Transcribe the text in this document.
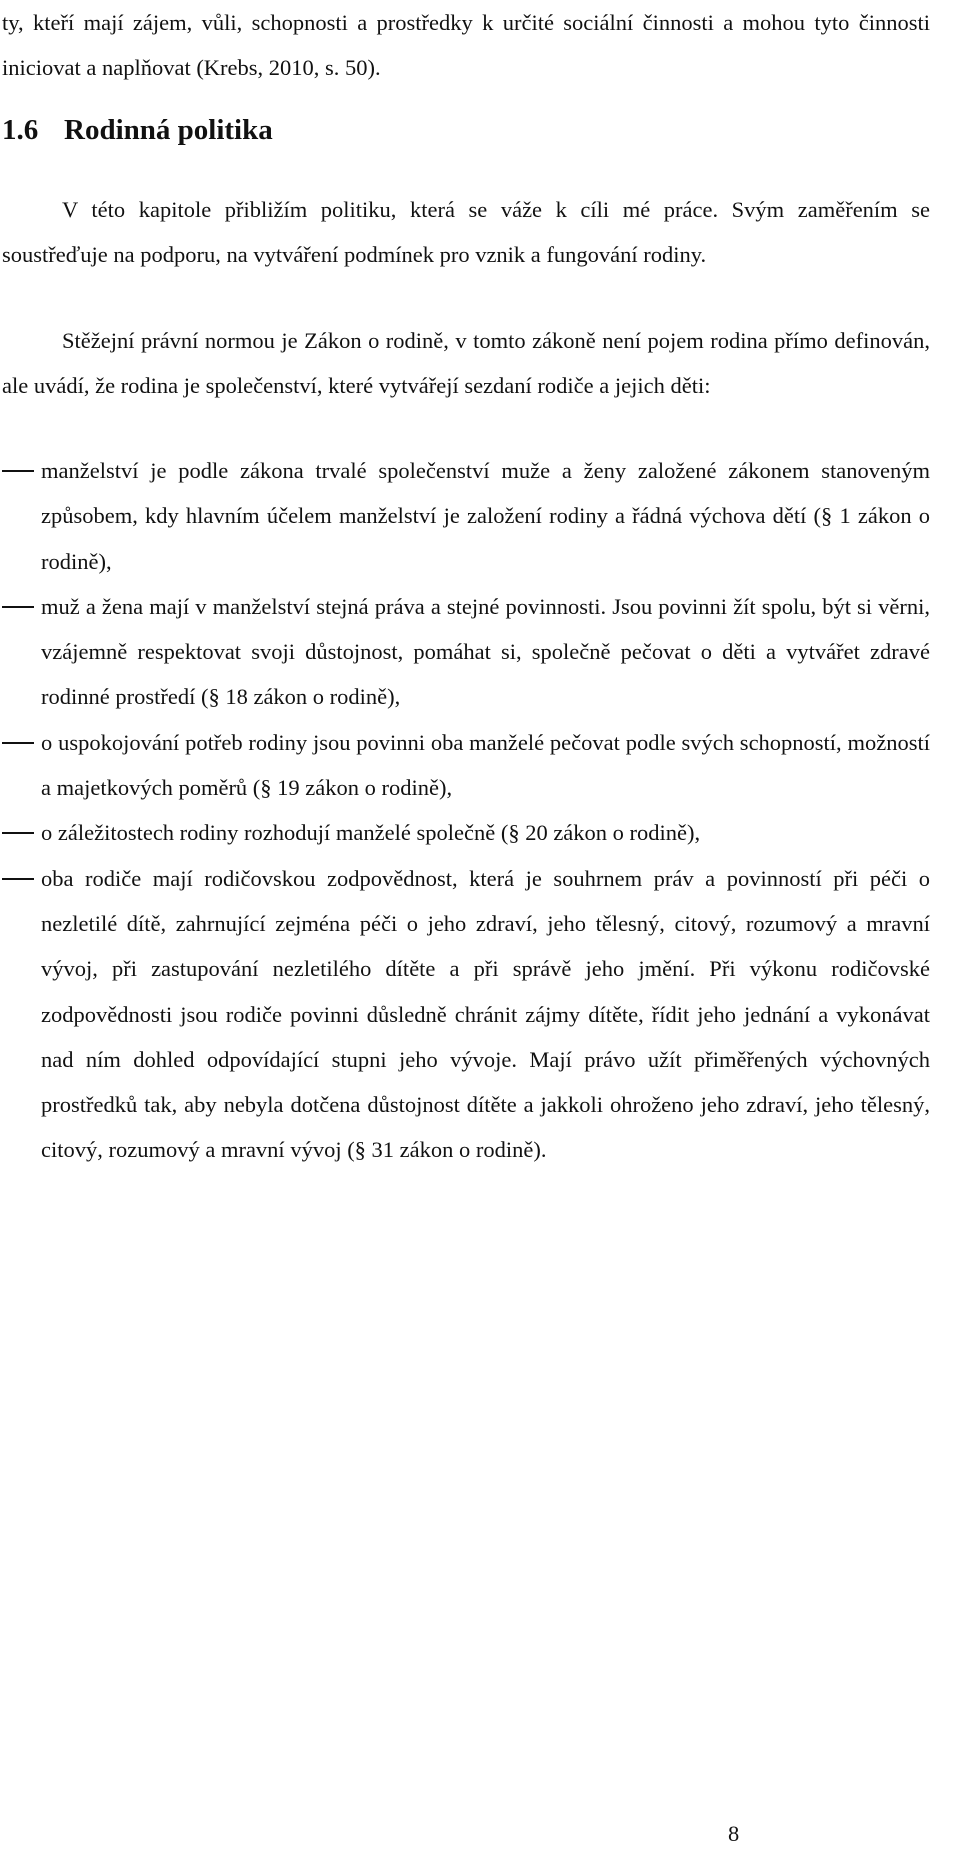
ty, kteří mají zájem, vůli, schopnosti a prostředky k určité sociální činnosti a mohou tyto činnosti iniciovat a naplňovat (Krebs, 2010, s. 50).

1.6 Rodinná politika

V této kapitole přibližím politiku, která se váže k cíli mé práce. Svým zaměřením se soustřeďuje na podporu, na vytváření podmínek pro vznik a fungování rodiny.

Stěžejní právní normou je Zákon o rodině, v tomto zákoně není pojem rodina přímo definován, ale uvádí, že rodina je společenství, které vytvářejí sezdaní rodiče a jejich děti:

manželství je podle zákona trvalé společenství muže a ženy založené zákonem stanoveným způsobem, kdy hlavním účelem manželství je založení rodiny a řádná výchova dětí (§ 1 zákon o rodině),
muž a žena mají v manželství stejná práva a stejné povinnosti. Jsou povinni žít spolu, být si věrni, vzájemně respektovat svoji důstojnost, pomáhat si, společně pečovat o děti a vytvářet zdravé rodinné prostředí (§ 18 zákon o rodině),
o uspokojování potřeb rodiny jsou povinni oba manželé pečovat podle svých schopností, možností a majetkových poměrů (§ 19 zákon o rodině),
o záležitostech rodiny rozhodují manželé společně (§ 20 zákon o rodině),
oba rodiče mají rodičovskou zodpovědnost, která je souhrnem práv a povinností při péči o nezletilé dítě, zahrnující zejména péči o jeho zdraví, jeho tělesný, citový, rozumový a mravní vývoj, při zastupování nezletilého dítěte a při správě jeho jmění. Při výkonu rodičovské zodpovědnosti jsou rodiče povinni důsledně chránit zájmy dítěte, řídit jeho jednání a vykonávat nad ním dohled odpovídající stupni jeho vývoje. Mají právo užít přiměřených výchovných prostředků tak, aby nebyla dotčena důstojnost dítěte a jakkoli ohroženo jeho zdraví, jeho tělesný, citový, rozumový a mravní vývoj (§ 31 zákon o rodině).

8
